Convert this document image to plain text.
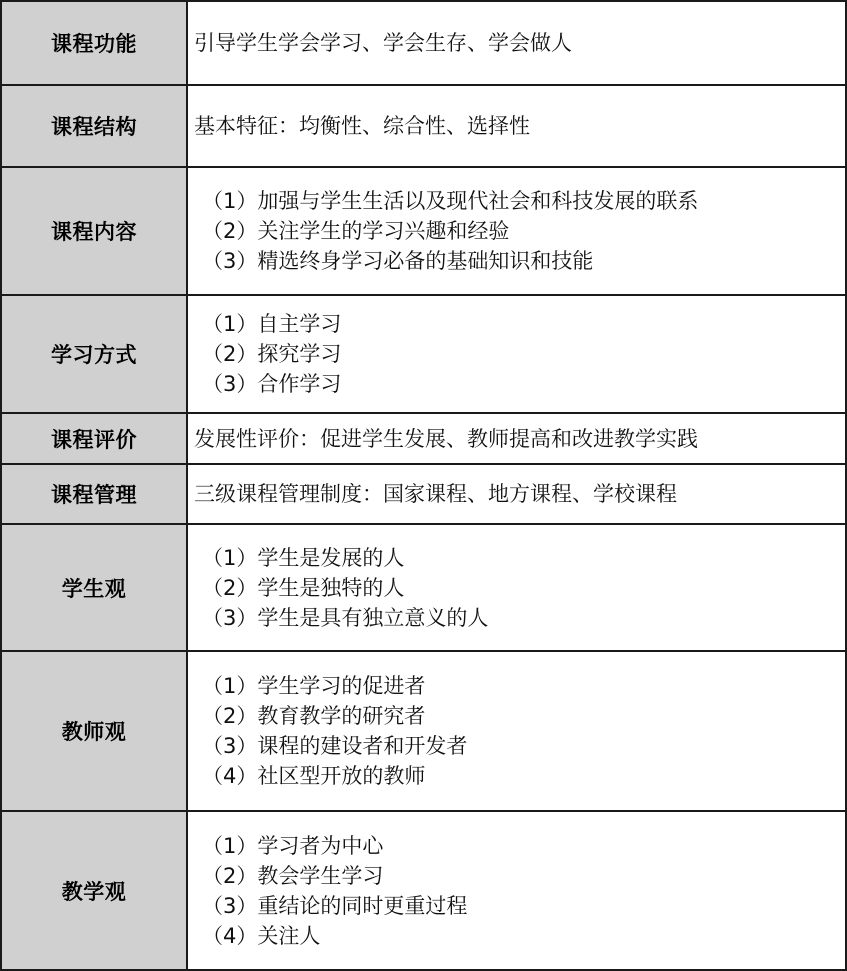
课程功能	引导学生学会学习、学会生存、学会做人

课程结构	基本特征：均衡性、综合性、选择性

课程内容	（1）加强与学生生活以及现代社会和科技发展的联系
（2）关注学生的学习兴趣和经验
（3）精选终身学习必备的基础知识和技能

学习方式	（1）自主学习
（2）探究学习
（3）合作学习

课程评价	发展性评价：促进学生发展、教师提高和改进教学实践

课程管理	三级课程管理制度：国家课程、地方课程、学校课程

学生观	（1）学生是发展的人
（2）学生是独特的人
（3）学生是具有独立意义的人

教师观	（1）学生学习的促进者
（2）教育教学的研究者
（3）课程的建设者和开发者
（4）社区型开放的教师

教学观	（1）学习者为中心
（2）教会学生学习
（3）重结论的同时更重过程
（4）关注人
